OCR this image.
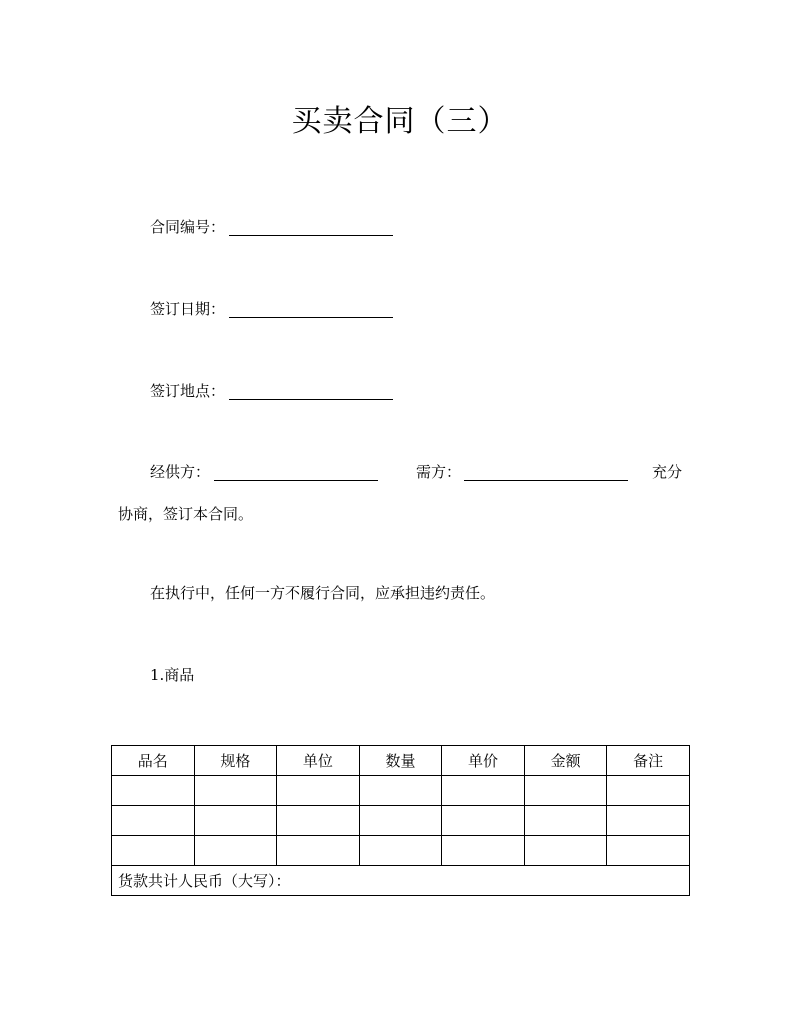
买卖合同（三）
合同编号：
签订日期：
签订地点：
经供方：	需方：	充分
协商，签订本合同。
在执行中，任何一方不履行合同，应承担违约责任。
1.商品
品名	规格	单位	数量	单价	金额	备注

货款共计人民币（大写）：						
